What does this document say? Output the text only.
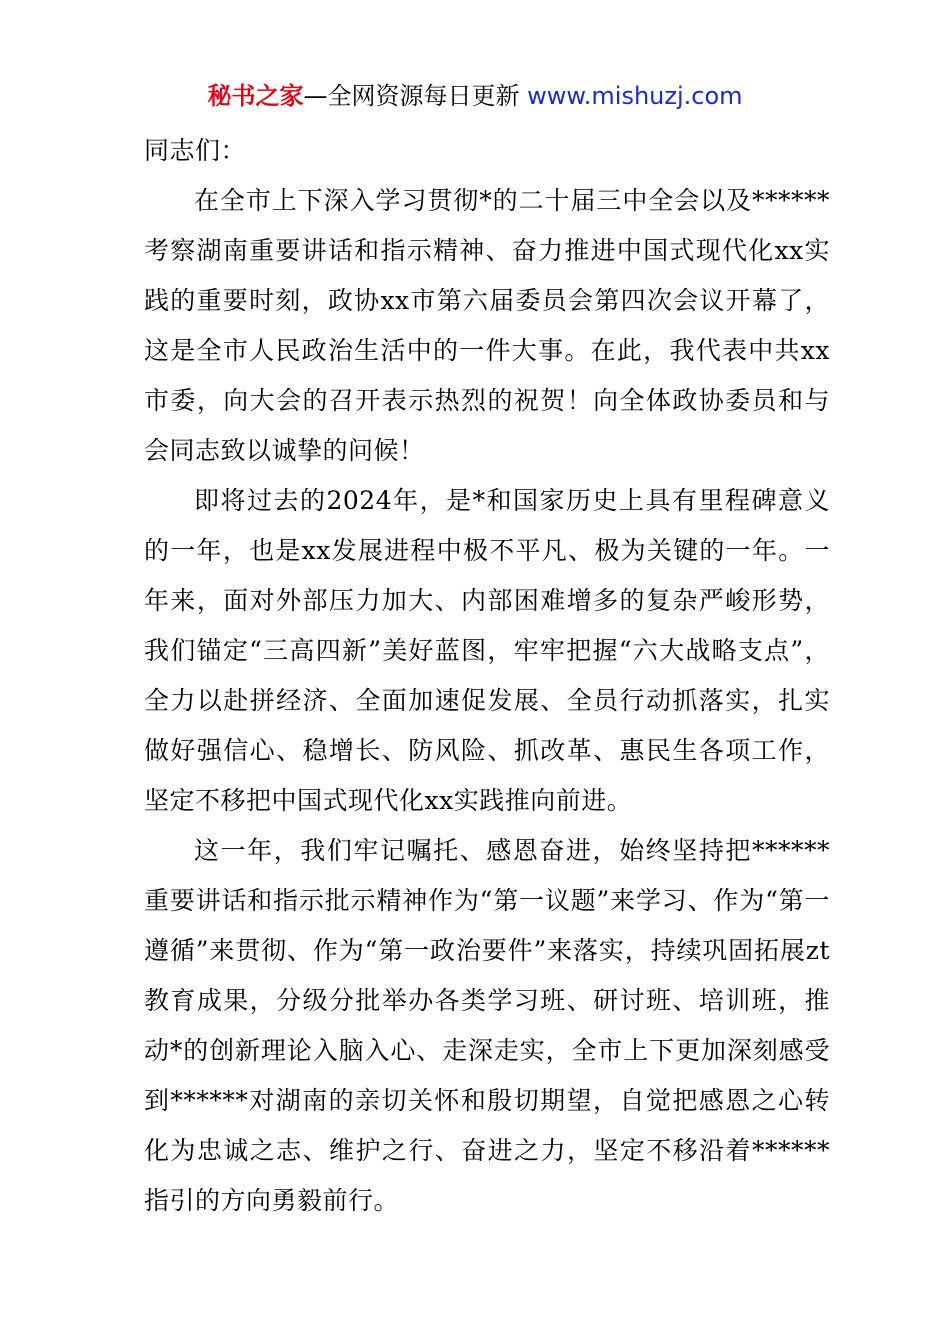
秘书之家—全网资源每日更新 www.mishuzj.com

同志们：

在全市上下深入学习贯彻*的二十届三中全会以及******考察湖南重要讲话和指示精神、奋力推进中国式现代化xx实践的重要时刻，政协xx市第六届委员会第四次会议开幕了，这是全市人民政治生活中的一件大事。在此，我代表中共xx市委，向大会的召开表示热烈的祝贺！向全体政协委员和与会同志致以诚挚的问候！

即将过去的2024年，是*和国家历史上具有里程碑意义的一年，也是xx发展进程中极不平凡、极为关键的一年。一年来，面对外部压力加大、内部困难增多的复杂严峻形势，我们锚定“三高四新”美好蓝图，牢牢把握“六大战略支点”，全力以赴拼经济、全面加速促发展、全员行动抓落实，扎实做好强信心、稳增长、防风险、抓改革、惠民生各项工作，坚定不移把中国式现代化xx实践推向前进。

这一年，我们牢记嘱托、感恩奋进，始终坚持把******重要讲话和指示批示精神作为“第一议题”来学习、作为“第一遵循”来贯彻、作为“第一政治要件”来落实，持续巩固拓展zt教育成果，分级分批举办各类学习班、研讨班、培训班，推动*的创新理论入脑入心、走深走实，全市上下更加深刻感受到******对湖南的亲切关怀和殷切期望，自觉把感恩之心转化为忠诚之志、维护之行、奋进之力，坚定不移沿着******指引的方向勇毅前行。
